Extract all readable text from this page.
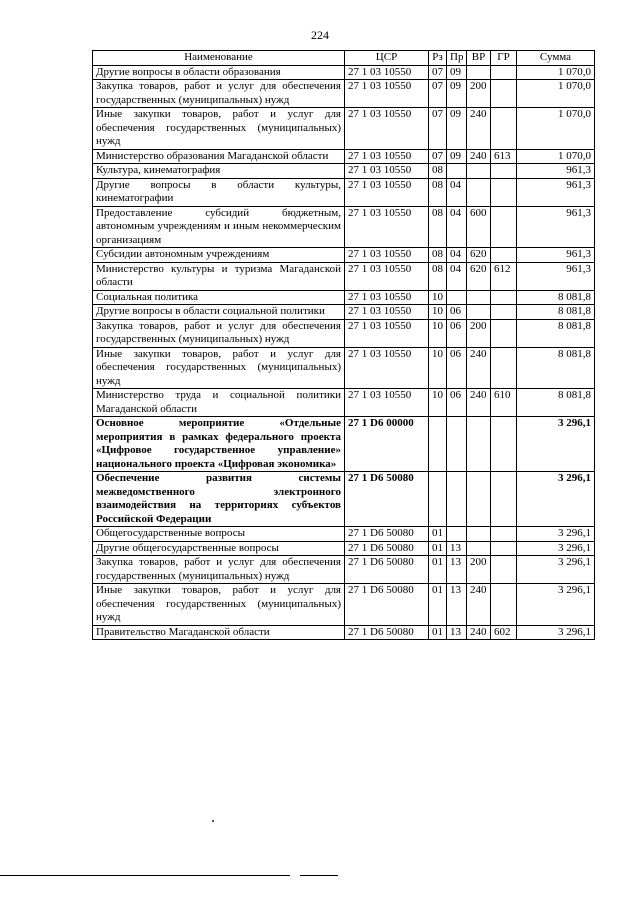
224
Наименование	ЦСР	Рз	Пр	ВР	ГР	Сумма
Другие вопросы в области образования	27 1 03 10550	07	09			1 070,0
Закупка товаров, работ и услуг для обеспечения государственных (муниципальных) нужд	27 1 03 10550	07	09	200		1 070,0
Иные закупки товаров, работ и услуг для обеспечения государственных (муниципальных) нужд	27 1 03 10550	07	09	240		1 070,0
Министерство образования Магаданской области	27 1 03 10550	07	09	240	613	1 070,0
Культура, кинематография	27 1 03 10550	08				961,3
Другие вопросы в области культуры, кинематографии	27 1 03 10550	08	04			961,3
Предоставление субсидий бюджетным, автономным учреждениям и иным некоммерческим организациям	27 1 03 10550	08	04	600		961,3
Субсидии автономным учреждениям	27 1 03 10550	08	04	620		961,3
Министерство культуры и туризма Магаданской области	27 1 03 10550	08	04	620	612	961,3
Социальная политика	27 1 03 10550	10				8 081,8
Другие вопросы в области социальной политики	27 1 03 10550	10	06			8 081,8
Закупка товаров, работ и услуг для обеспечения государственных (муниципальных) нужд	27 1 03 10550	10	06	200		8 081,8
Иные закупки товаров, работ и услуг для обеспечения государственных (муниципальных) нужд	27 1 03 10550	10	06	240		8 081,8
Министерство труда и социальной политики Магаданской области	27 1 03 10550	10	06	240	610	8 081,8
Основное мероприятие «Отдельные мероприятия в рамках федерального проекта «Цифровое государственное управление» национального проекта «Цифровая экономика»	27 1 D6 00000					3 296,1
Обеспечение развития системы межведомственного электронного взаимодействия на территориях субъектов Российской Федерации	27 1 D6 50080					3 296,1
Общегосударственные вопросы	27 1 D6 50080	01				3 296,1
Другие общегосударственные вопросы	27 1 D6 50080	01	13			3 296,1
Закупка товаров, работ и услуг для обеспечения государственных (муниципальных) нужд	27 1 D6 50080	01	13	200		3 296,1
Иные закупки товаров, работ и услуг для обеспечения государственных (муниципальных) нужд	27 1 D6 50080	01	13	240		3 296,1
Правительство Магаданской области	27 1 D6 50080	01	13	240	602	3 296,1
